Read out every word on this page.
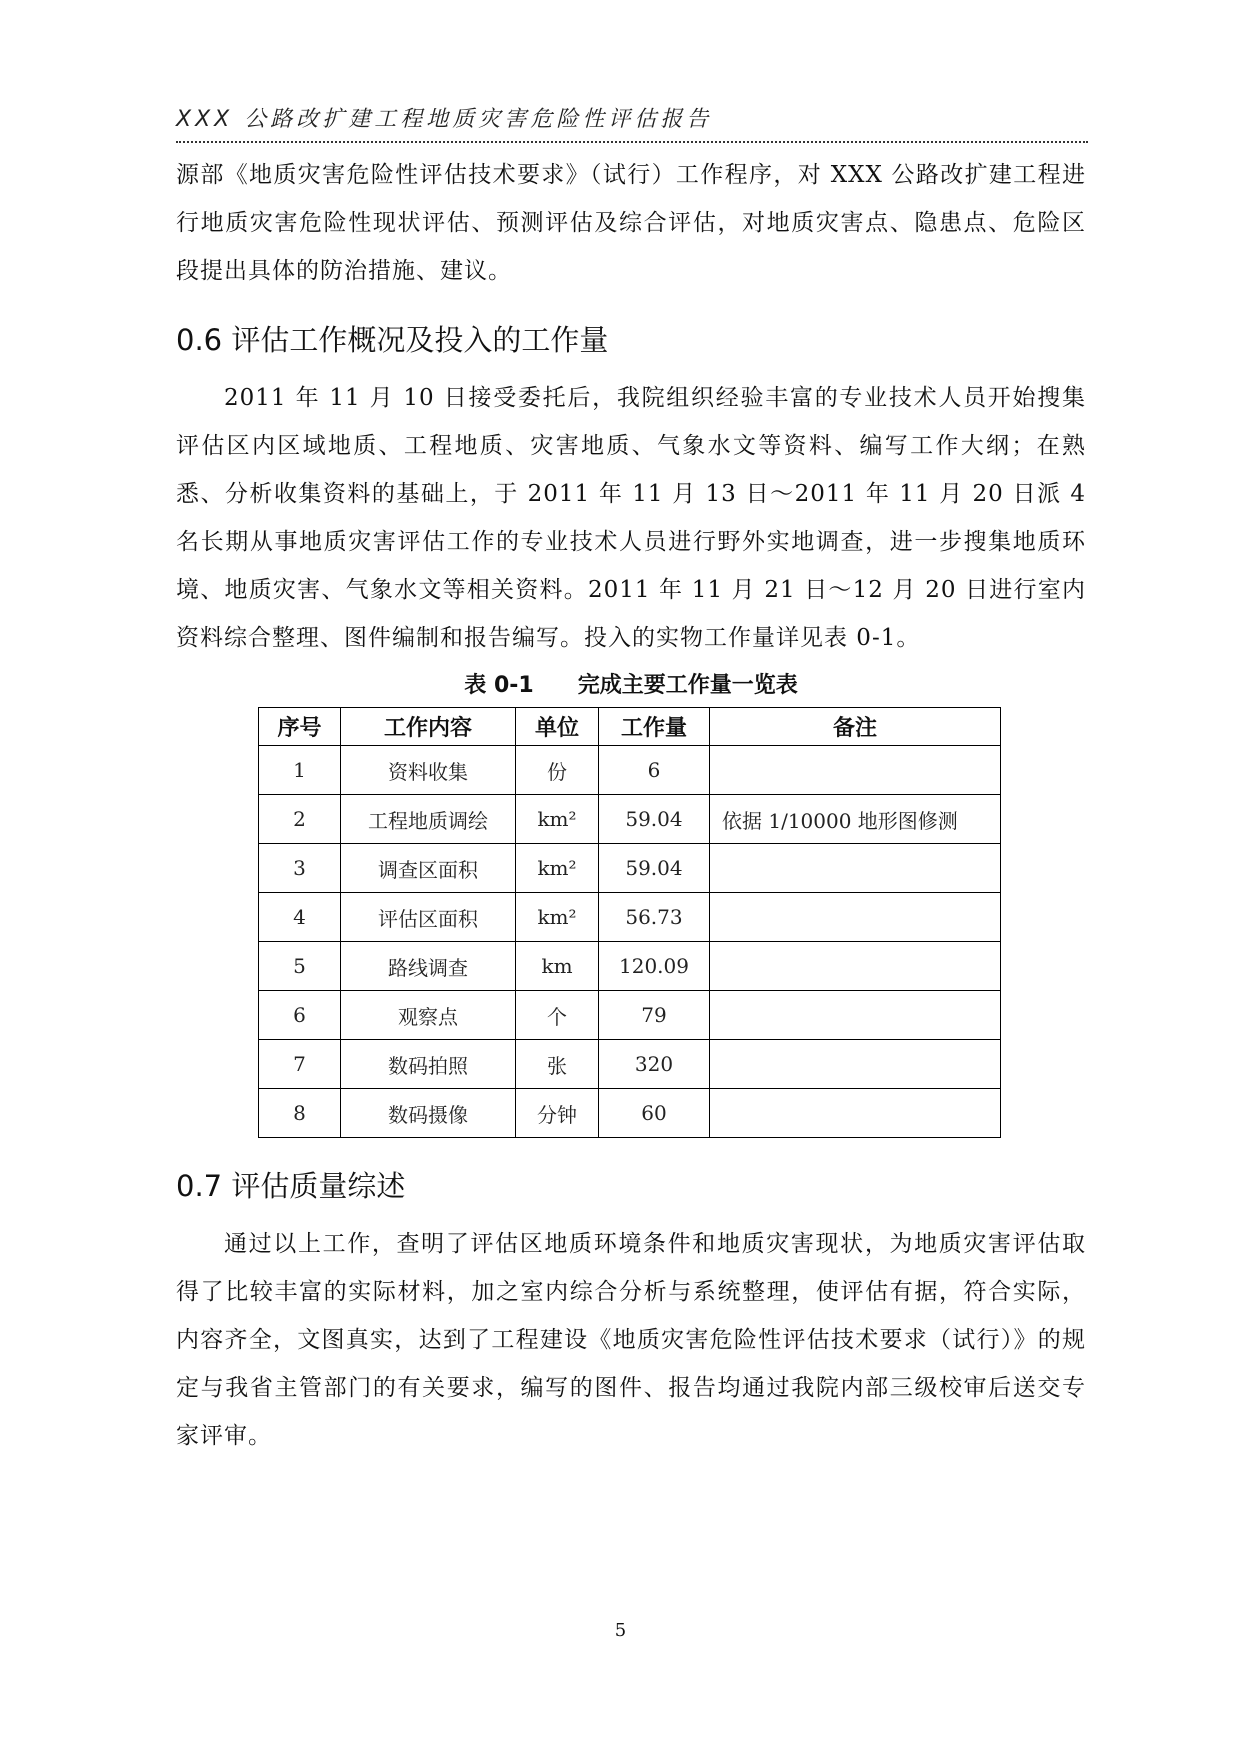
XXX 公路改扩建工程地质灾害危险性评估报告

源部《地质灾害危险性评估技术要求》（试行）工作程序，对 XXX 公路改扩建工程进行地质灾害危险性现状评估、预测评估及综合评估，对地质灾害点、隐患点、危险区段提出具体的防治措施、建议。

0.6 评估工作概况及投入的工作量

2011 年 11 月 10 日接受委托后，我院组织经验丰富的专业技术人员开始搜集评估区内区域地质、工程地质、灾害地质、气象水文等资料、编写工作大纲；在熟悉、分析收集资料的基础上，于 2011 年 11 月 13 日～2011 年 11 月 20 日派 4 名长期从事地质灾害评估工作的专业技术人员进行野外实地调查，进一步搜集地质环境、地质灾害、气象水文等相关资料。2011 年 11 月 21 日～12 月 20 日进行室内资料综合整理、图件编制和报告编写。投入的实物工作量详见表 0-1。

表 0-1　　完成主要工作量一览表
序号	工作内容	单位	工作量	备注
1	资料收集	份	6	
2	工程地质调绘	km²	59.04	依据 1/10000 地形图修测
3	调查区面积	km²	59.04	
4	评估区面积	km²	56.73	
5	路线调查	km	120.09	
6	观察点	个	79	
7	数码拍照	张	320	
8	数码摄像	分钟	60	
0.7 评估质量综述

通过以上工作，查明了评估区地质环境条件和地质灾害现状，为地质灾害评估取得了比较丰富的实际材料，加之室内综合分析与系统整理，使评估有据，符合实际，内容齐全，文图真实，达到了工程建设《地质灾害危险性评估技术要求（试行）》的规定与我省主管部门的有关要求，编写的图件、报告均通过我院内部三级校审后送交专家评审。

5
